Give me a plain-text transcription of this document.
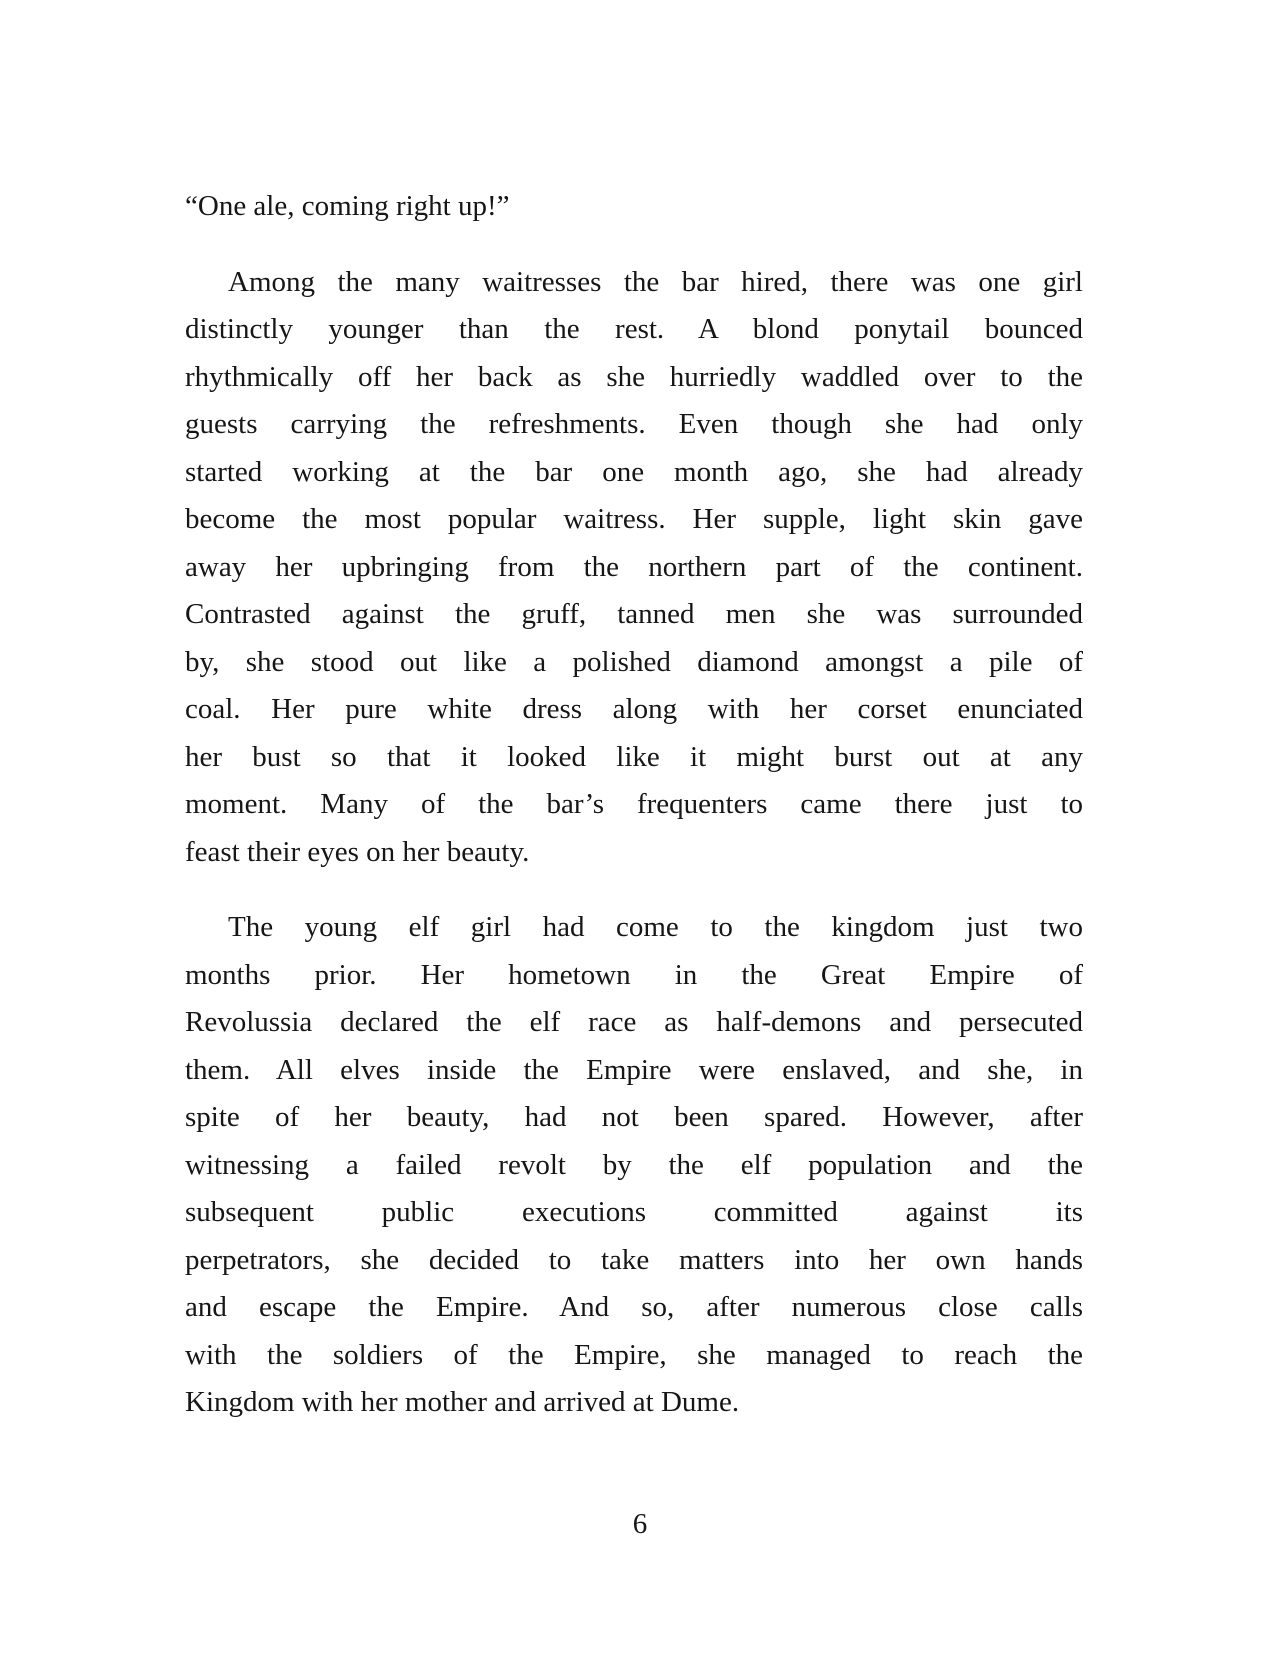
“One ale, coming right up!”
Among the many waitresses the bar hired, there was one girl
distinctly younger than the rest. A blond ponytail bounced
rhythmically off her back as she hurriedly waddled over to the
guests carrying the refreshments. Even though she had only
started working at the bar one month ago, she had already
become the most popular waitress. Her supple, light skin gave
away her upbringing from the northern part of the continent.
Contrasted against the gruff, tanned men she was surrounded
by, she stood out like a polished diamond amongst a pile of
coal. Her pure white dress along with her corset enunciated
her bust so that it looked like it might burst out at any
moment. Many of the bar’s frequenters came there just to
feast their eyes on her beauty.
The young elf girl had come to the kingdom just two
months prior. Her hometown in the Great Empire of
Revolussia declared the elf race as half-demons and persecuted
them. All elves inside the Empire were enslaved, and she, in
spite of her beauty, had not been spared. However, after
witnessing a failed revolt by the elf population and the
subsequent public executions committed against its
perpetrators, she decided to take matters into her own hands
and escape the Empire. And so, after numerous close calls
with the soldiers of the Empire, she managed to reach the
Kingdom with her mother and arrived at Dume.
6
